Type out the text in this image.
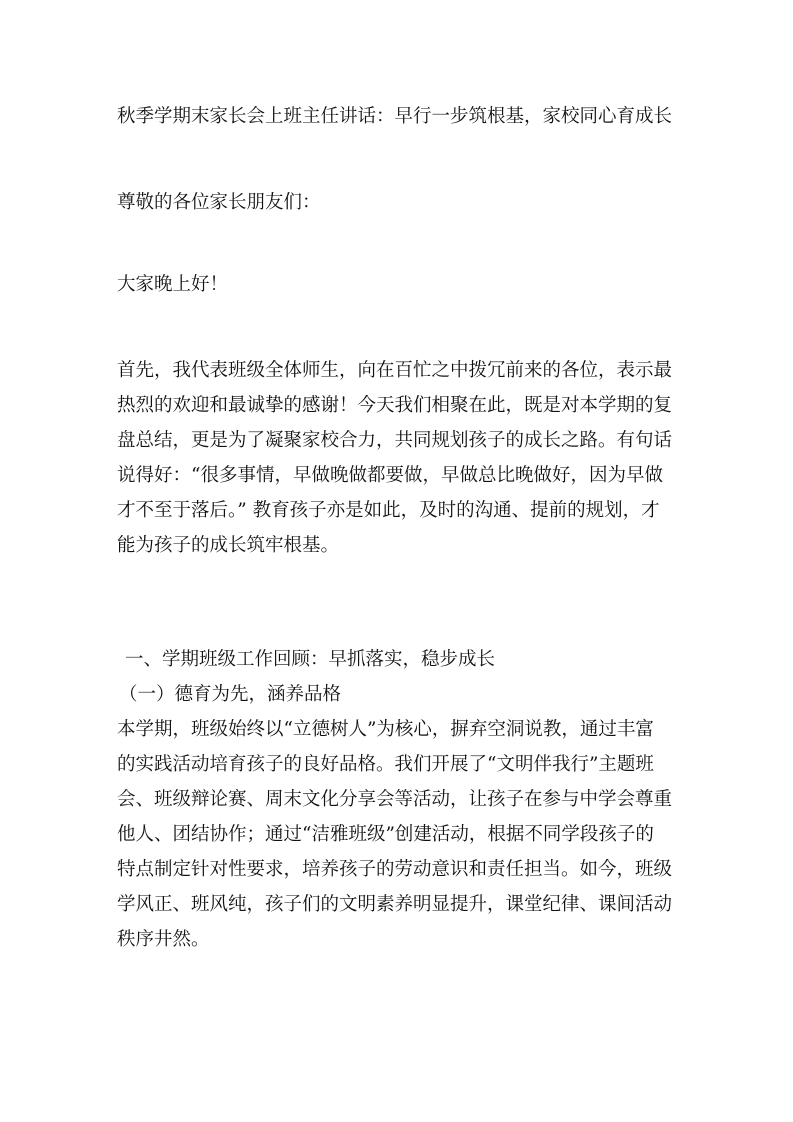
秋季学期末家长会上班主任讲话：早行一步筑根基，家校同心育成长
尊敬的各位家长朋友们：
大家晚上好！
首先，我代表班级全体师生，向在百忙之中拨冗前来的各位，表示最
热烈的欢迎和最诚挚的感谢！今天我们相聚在此，既是对本学期的复
盘总结，更是为了凝聚家校合力，共同规划孩子的成长之路。有句话
说得好：“很多事情，早做晚做都要做，早做总比晚做好，因为早做
才不至于落后。” 教育孩子亦是如此，及时的沟通、提前的规划，才
能为孩子的成长筑牢根基。
一、学期班级工作回顾：早抓落实，稳步成长
（一）德育为先，涵养品格
本学期，班级始终以“立德树人”为核心，摒弃空洞说教，通过丰富
的实践活动培育孩子的良好品格。我们开展了“文明伴我行”主题班
会、班级辩论赛、周末文化分享会等活动，让孩子在参与中学会尊重
他人、团结协作；通过“洁雅班级”创建活动，根据不同学段孩子的
特点制定针对性要求，培养孩子的劳动意识和责任担当。如今，班级
学风正、班风纯，孩子们的文明素养明显提升，课堂纪律、课间活动
秩序井然。
